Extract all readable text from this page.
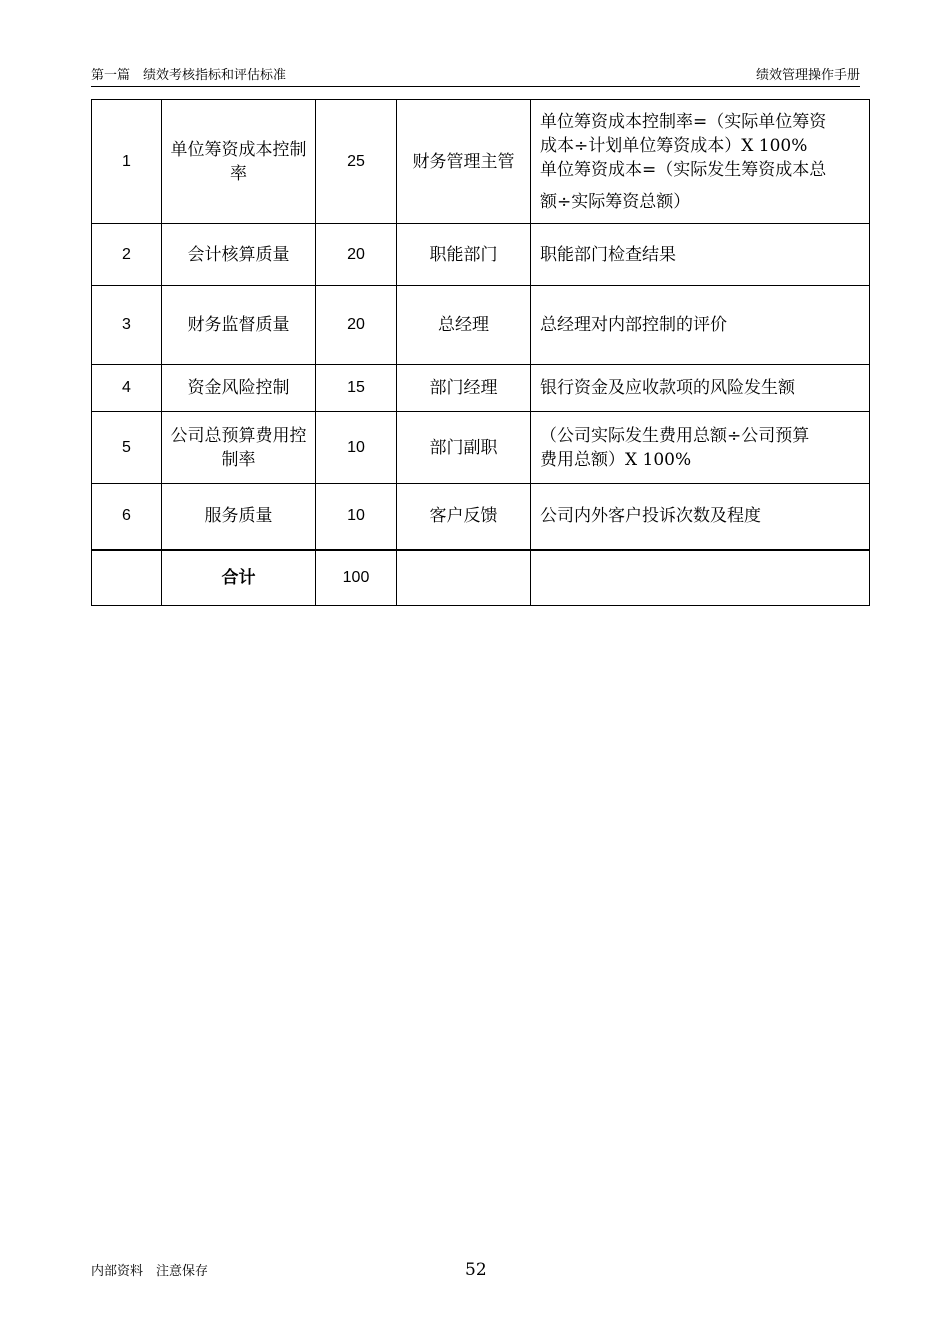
第一篇　绩效考核指标和评估标准	绩效管理操作手册
1	单位筹资成本控制率	25	财务管理主管	单位筹资成本控制率=（实际单位筹资
成本÷计划单位筹资成本）X 100%
单位筹资成本=（实际发生筹资成本总
额÷实际筹资总额）

2	会计核算质量	20	职能部门	职能部门检查结果

3	财务监督质量	20	总经理	总经理对内部控制的评价

4	资金风险控制	15	部门经理	银行资金及应收款项的风险发生额

5	公司总预算费用控制率	10	部门副职	（公司实际发生费用总额÷公司预算
费用总额）X 100%

6	服务质量	10	客户反馈	公司内外客户投诉次数及程度

	合计	100		
内部资料　注意保存	52
